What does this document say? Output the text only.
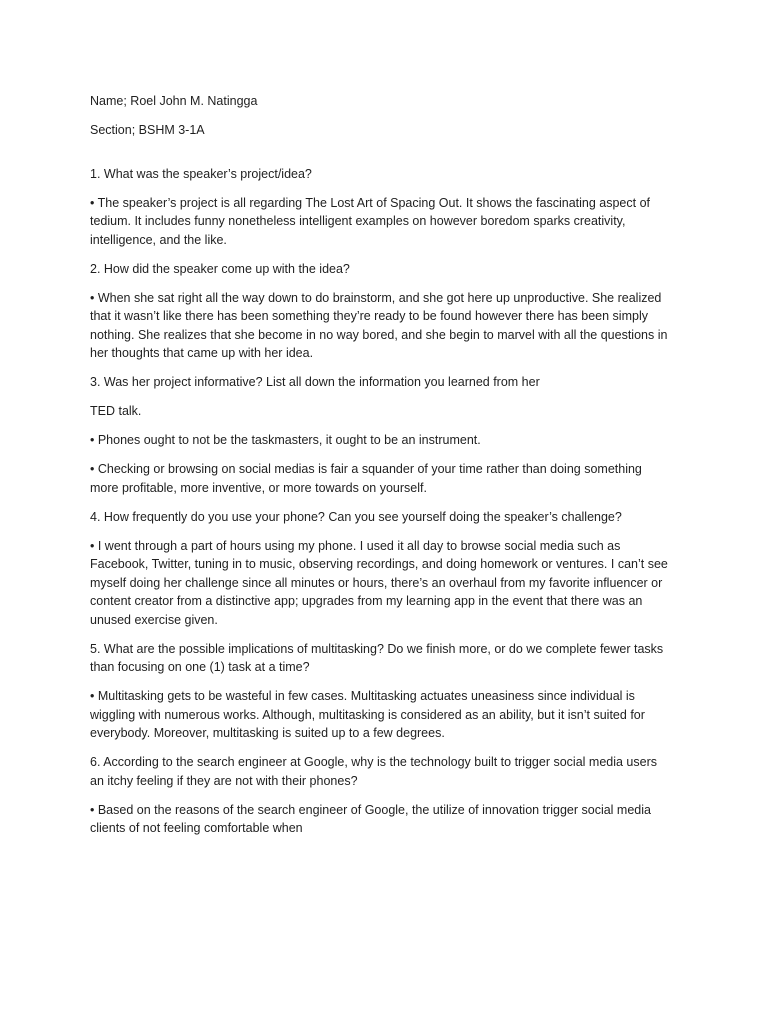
Name; Roel John M. Natingga

Section; BSHM 3-1A

1. What was the speaker’s project/idea?

• The speaker’s project is all regarding The Lost Art of Spacing Out. It shows the fascinating aspect of tedium. It includes funny nonetheless intelligent examples on however boredom sparks creativity, intelligence, and the like.

2. How did the speaker come up with the idea?

• When she sat right all the way down to do brainstorm, and she got here up unproductive. She realized that it wasn’t like there has been something they’re ready to be found however there has been simply nothing. She realizes that she become in no way bored, and she begin to marvel with all the questions in her thoughts that came up with her idea.

3. Was her project informative? List all down the information you learned from her

TED talk.

• Phones ought to not be the taskmasters, it ought to be an instrument.

• Checking or browsing on social medias is fair a squander of your time rather than doing something more profitable, more inventive, or more towards on yourself.

4. How frequently do you use your phone? Can you see yourself doing the speaker’s challenge?

• I went through a part of hours using my phone. I used it all day to browse social media such as Facebook, Twitter, tuning in to music, observing recordings, and doing homework or ventures. I can’t see myself doing her challenge since all minutes or hours, there’s an overhaul from my favorite influencer or content creator from a distinctive app; upgrades from my learning app in the event that there was an unused exercise given.

5. What are the possible implications of multitasking? Do we finish more, or do we complete fewer tasks than focusing on one (1) task at a time?

• Multitasking gets to be wasteful in few cases. Multitasking actuates uneasiness since individual is wiggling with numerous works. Although, multitasking is considered as an ability, but it isn’t suited for everybody. Moreover, multitasking is suited up to a few degrees.

6. According to the search engineer at Google, why is the technology built to trigger social media users an itchy feeling if they are not with their phones?

• Based on the reasons of the search engineer of Google, the utilize of innovation trigger social media clients of not feeling comfortable when
